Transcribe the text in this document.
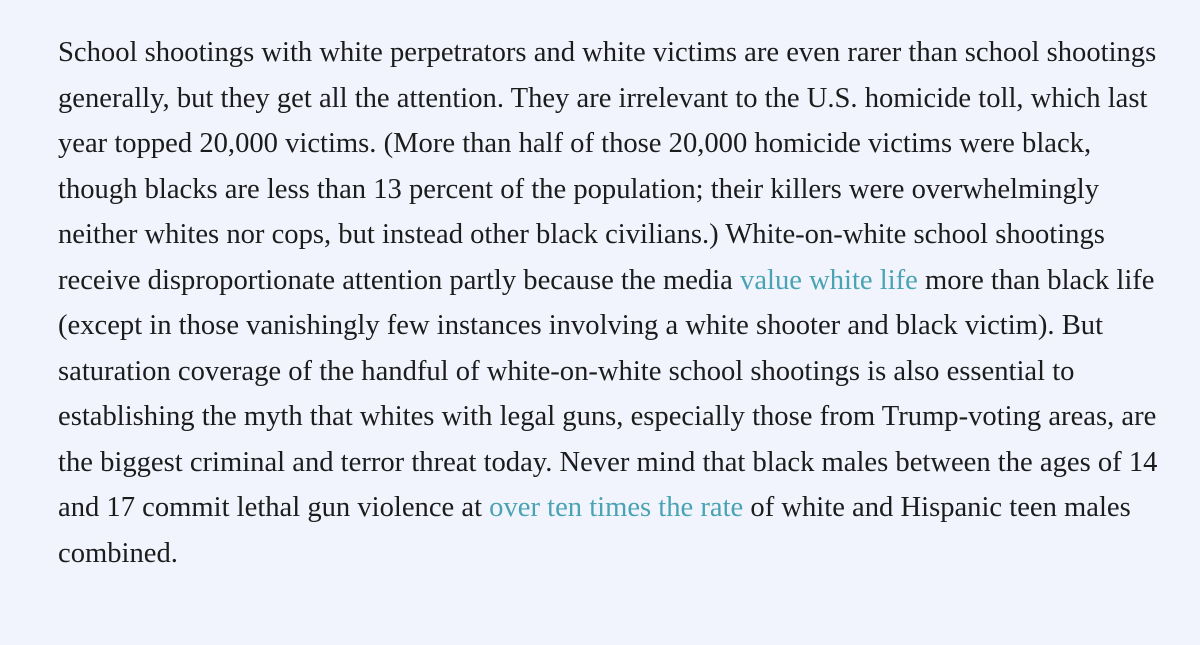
School shootings with white perpetrators and white victims are even rarer than school shootings generally, but they get all the attention. They are irrelevant to the U.S. homicide toll, which last year topped 20,000 victims. (More than half of those 20,000 homicide victims were black, though blacks are less than 13 percent of the population; their killers were overwhelmingly neither whites nor cops, but instead other black civilians.) White-on-white school shootings receive disproportionate attention partly because the media value white life more than black life (except in those vanishingly few instances involving a white shooter and black victim). But saturation coverage of the handful of white-on-white school shootings is also essential to establishing the myth that whites with legal guns, especially those from Trump-voting areas, are the biggest criminal and terror threat today. Never mind that black males between the ages of 14 and 17 commit lethal gun violence at over ten times the rate of white and Hispanic teen males combined.
